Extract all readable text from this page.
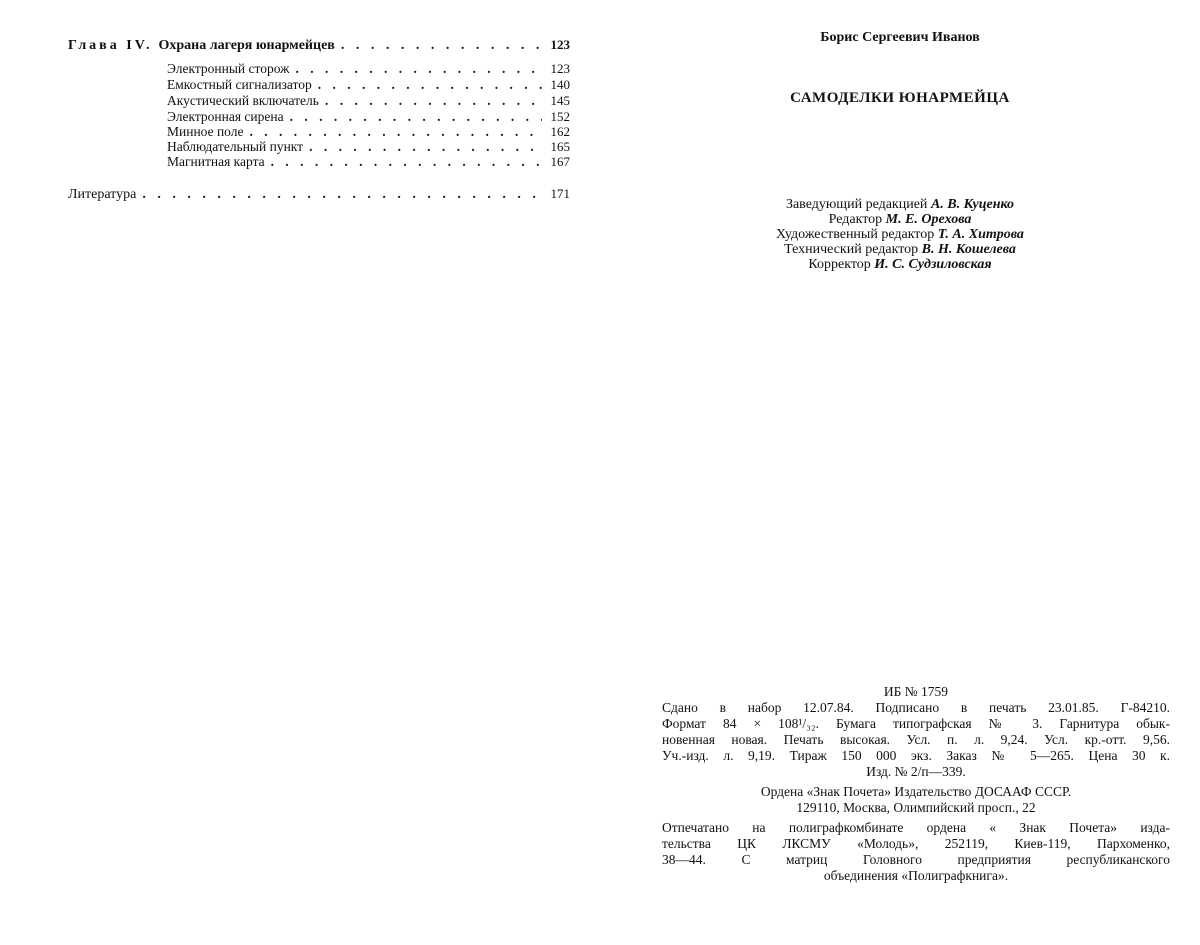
Глава IV. Охрана лагеря юнармейцев . . .	123
Электронный сторож . . .	123
Емкостный сигнализатор . . .	140
Акустический включатель . . .	145
Электронная сирена . . .	152
Минное поле . . .	162
Наблюдательный пункт . . .	165
Магнитная карта . . .	167
Литература . . .	171
Борис Сергеевич Иванов
САМОДЕЛКИ ЮНАРМЕЙЦА
Заведующий редакцией А. В. Куценко
Редактор М. Е. Орехова
Художественный редактор Т. А. Хитрова
Технический редактор В. Н. Кошелева
Корректор И. С. Судзиловская

ИБ № 1759

Сдано в набор 12.07.84. Подписано в печать 23.01.85. Г-84210.

Формат 84 × 108¹/₃₂. Бумага типографская № 3. Гарнитура обык-

новенная новая. Печать высокая. Усл. п. л. 9,24. Усл. кр.-отт. 9,56.

Уч.-изд. л. 9,19. Тираж 150 000 экз. Заказ № 5—265. Цена 30 к.

Изд. № 2/п—339.

Ордена «Знак Почета» Издательство ДОСААФ СССР.

129110, Москва, Олимпийский просп., 22

Отпечатано на полиграфкомбинате ордена « Знак Почета» изда-

тельства ЦК ЛКСМУ «Молодь», 252119, Киев-119, Пархоменко,

38—44. С матриц Головного предприятия республиканского

объединения «Полиграфкнига».
